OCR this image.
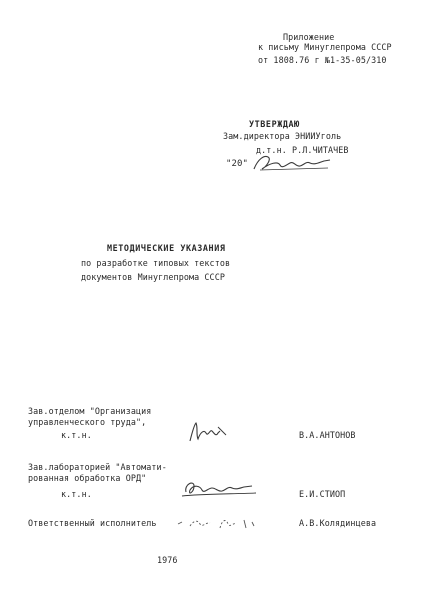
Приложение
к письму Минуглепрома СССР
от 1808.76 г №1-35-05/310
УТВЕРЖДАЮ
Зам.директора ЭНИИУголь
д.т.н. Р.Л.ЧИТАЧЕВ
"20"
МЕТОДИЧЕСКИЕ УКАЗАНИЯ
по разработке типовых текстов
документов Минуглепрома СССР
Зав.отделом "Организация
управленческого труда",
к.т.н.	В.А.АНТОНОВ
Зав.лабораторией "Автомати-
рованная обработка ОРД"
к.т.н.	Е.И.СТИОП
Ответственный исполнитель	А.В.Колядинцева
1976
